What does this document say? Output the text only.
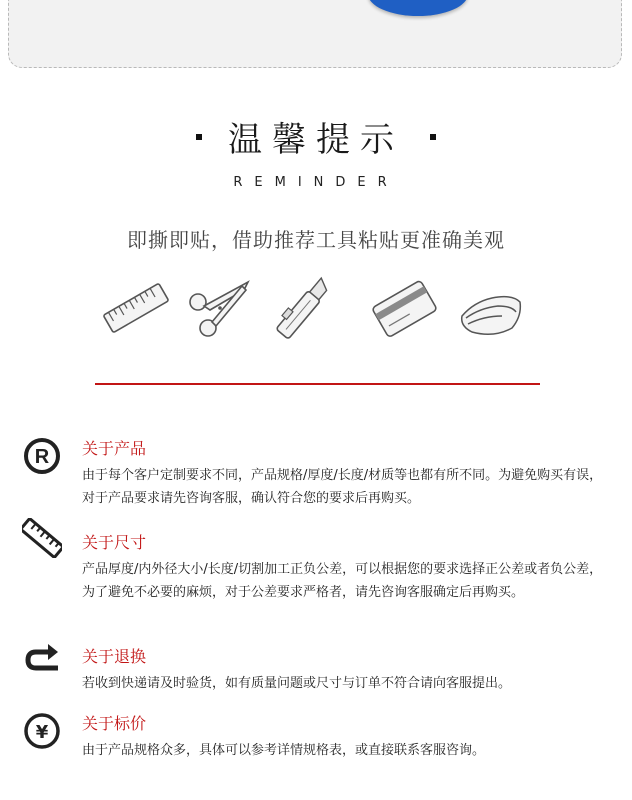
温馨提示
REMINDER
即撕即贴，借助推荐工具粘贴更准确美观
R 关于产品
由于每个客户定制要求不同，产品规格/厚度/长度/材质等也都有所不同。为避免购买有误，对于产品要求请先咨询客服，确认符合您的要求后再购买。
关于尺寸
产品厚度/内外径大小/长度/切割加工正负公差，可以根据您的要求选择正公差或者负公差，为了避免不必要的麻烦，对于公差要求严格者，请先咨询客服确定后再购买。
关于退换
若收到快递请及时验货，如有质量问题或尺寸与订单不符合请向客服提出。
¥ 关于标价
由于产品规格众多，具体可以参考详情规格表，或直接联系客服咨询。
